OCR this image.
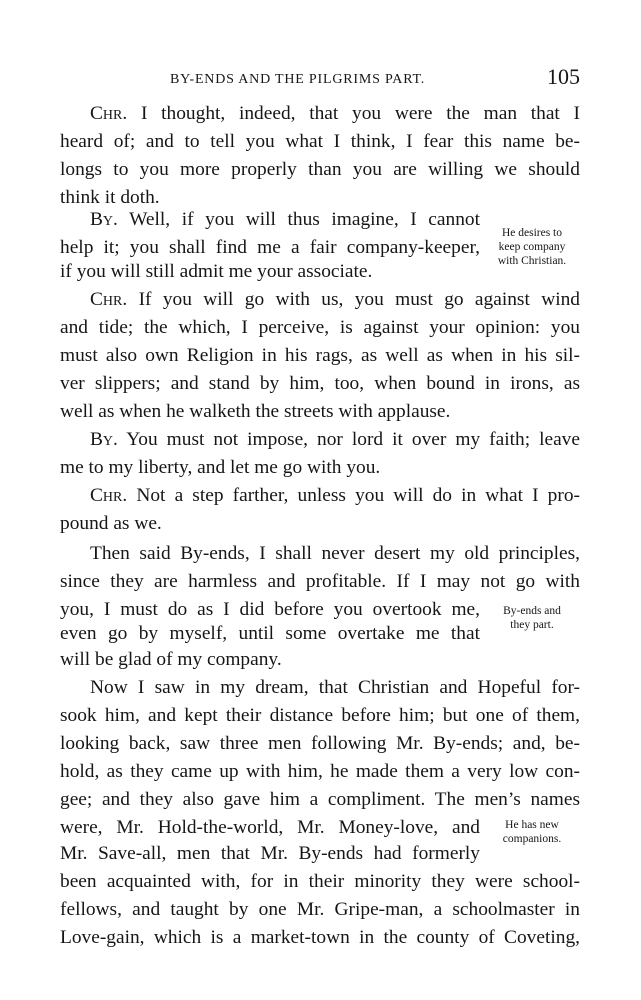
BY-ENDS AND THE PILGRIMS PART.	105
Chr. I thought, indeed, that you were the man that I
heard of; and to tell you what I think, I fear this name be-
longs to you more properly than you are willing we should
think it doth.
By. Well, if you will thus imagine, I cannot
help it; you shall find me a fair company-keeper,
if you will still admit me your associate.
Chr. If you will go with us, you must go against wind
and tide; the which, I perceive, is against your opinion: you
must also own Religion in his rags, as well as when in his sil-
ver slippers; and stand by him, too, when bound in irons, as
well as when he walketh the streets with applause.
By. You must not impose, nor lord it over my faith; leave
me to my liberty, and let me go with you.
Chr. Not a step farther, unless you will do in what I pro-
pound as we.
Then said By-ends, I shall never desert my old principles,
since they are harmless and profitable. If I may not go with
you, I must do as I did before you overtook me,
even go by myself, until some overtake me that
will be glad of my company.
Now I saw in my dream, that Christian and Hopeful for-
sook him, and kept their distance before him; but one of them,
looking back, saw three men following Mr. By-ends; and, be-
hold, as they came up with him, he made them a very low con-
gee; and they also gave him a compliment. The men’s names
were, Mr. Hold-the-world, Mr. Money-love, and
Mr. Save-all, men that Mr. By-ends had formerly
been acquainted with, for in their minority they were school-
fellows, and taught by one Mr. Gripe-man, a schoolmaster in
Love-gain, which is a market-town in the county of Coveting,
He desires to
keep company
with Christian.
By-ends and
they part.
He has new
companions.
